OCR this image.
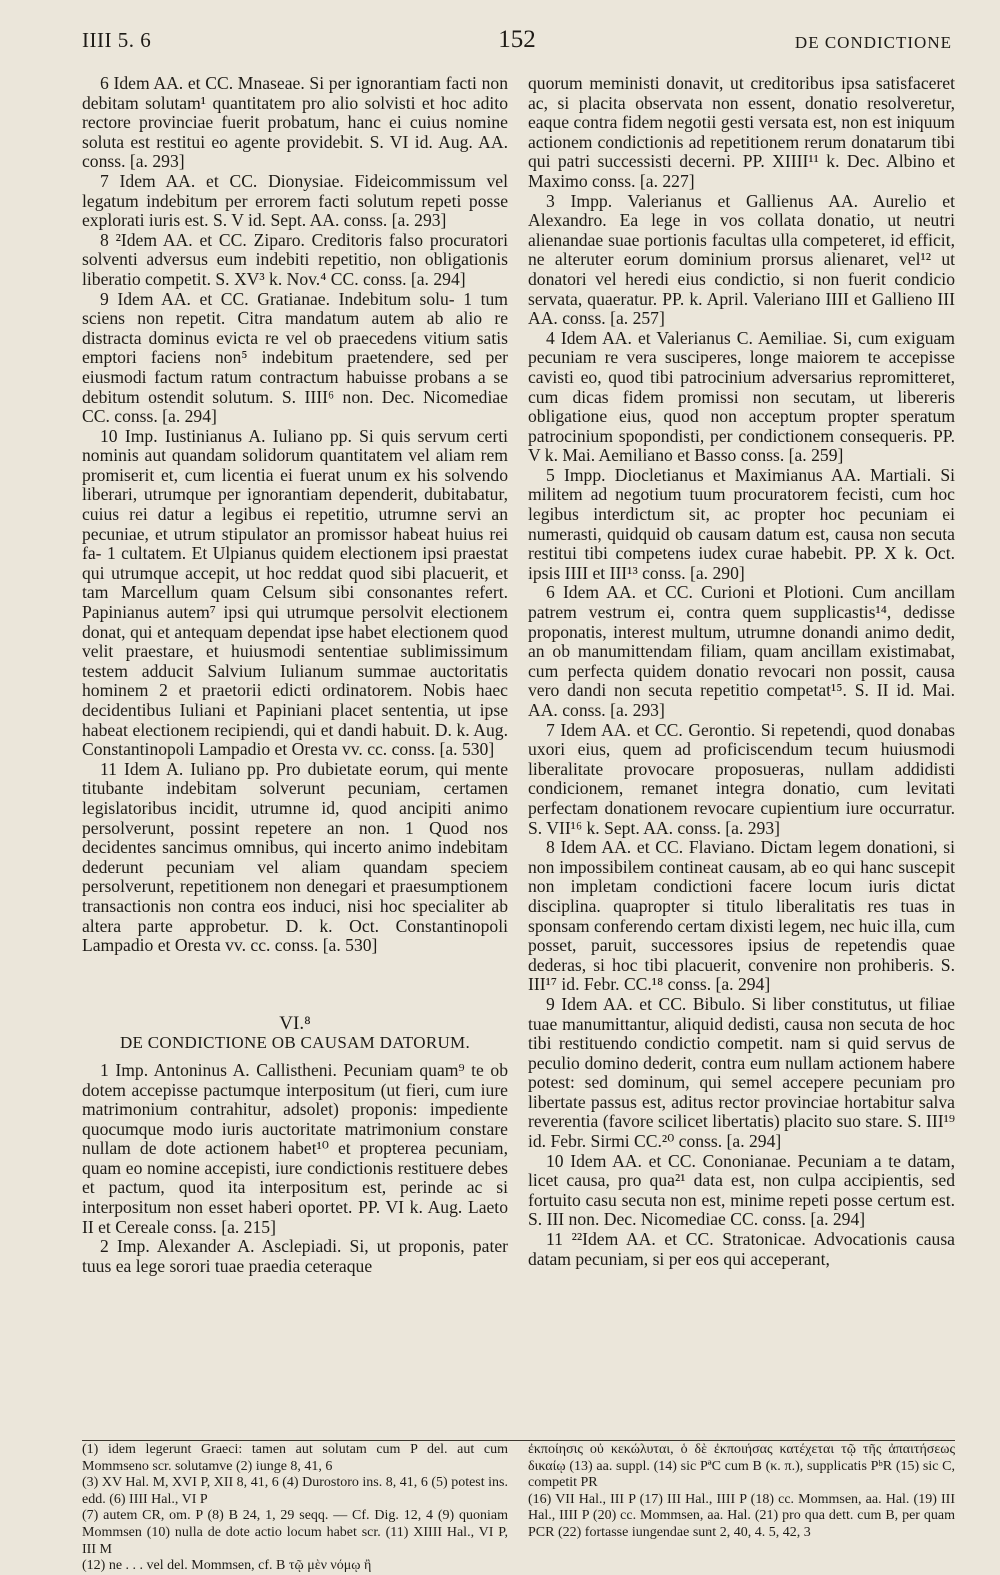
IIII 5. 6	152	DE CONDICTIONE

6 Idem AA. et CC. Mnaseae. Si per ignorantiam facti non debitam solutam¹ quantitatem pro alio solvisti et hoc adito rectore provinciae fuerit probatum, hanc ei cuius nomine soluta est restitui eo agente providebit. S. VI id. Aug. AA. conss. [a. 293]

7 Idem AA. et CC. Dionysiae. Fideicommissum vel legatum indebitum per errorem facti solutum repeti posse explorati iuris est. S. V id. Sept. AA. conss. [a. 293]

8 ²Idem AA. et CC. Ziparo. Creditoris falso procuratori solventi adversus eum indebiti repetitio, non obligationis liberatio competit. S. XV³ k. Nov.⁴ CC. conss. [a. 294]

9 Idem AA. et CC. Gratianae. Indebitum solu- 1 tum sciens non repetit. Citra mandatum autem ab alio re distracta dominus evicta re vel ob praecedens vitium satis emptori faciens non⁵ indebitum praetendere, sed per eiusmodi factum ratum contractum habuisse probans a se debitum ostendit solutum. S. IIII⁶ non. Dec. Nicomediae CC. conss. [a. 294]

10 Imp. Iustinianus A. Iuliano pp. Si quis servum certi nominis aut quandam solidorum quantitatem vel aliam rem promiserit et, cum licentia ei fuerat unum ex his solvendo liberari, utrumque per ignorantiam dependerit, dubitabatur, cuius rei datur a legibus ei repetitio, utrumne servi an pecuniae, et utrum stipulator an promissor habeat huius rei fa- 1 cultatem. Et Ulpianus quidem electionem ipsi praestat qui utrumque accepit, ut hoc reddat quod sibi placuerit, et tam Marcellum quam Celsum sibi consonantes refert. Papinianus autem⁷ ipsi qui utrumque persolvit electionem donat, qui et antequam dependat ipse habet electionem quod velit praestare, et huiusmodi sententiae sublimissimum testem adducit Salvium Iulianum summae auctoritatis hominem 2 et praetorii edicti ordinatorem. Nobis haec decidentibus Iuliani et Papiniani placet sententia, ut ipse habeat electionem recipiendi, qui et dandi habuit. D. k. Aug. Constantinopoli Lampadio et Oresta vv. cc. conss. [a. 530]

11 Idem A. Iuliano pp. Pro dubietate eorum, qui mente titubante indebitam solverunt pecuniam, certamen legislatoribus incidit, utrumne id, quod ancipiti animo persolverunt, possint repetere an non. 1 Quod nos decidentes sancimus omnibus, qui incerto animo indebitam dederunt pecuniam vel aliam quandam speciem persolverunt, repetitionem non denegari et praesumptionem transactionis non contra eos induci, nisi hoc specialiter ab altera parte approbetur. D. k. Oct. Constantinopoli Lampadio et Oresta vv. cc. conss. [a. 530]

VI.⁸

DE CONDICTIONE OB CAUSAM DATORUM.

1 Imp. Antoninus A. Callistheni. Pecuniam quam⁹ te ob dotem accepisse pactumque interpositum (ut fieri, cum iure matrimonium contrahitur, adsolet) proponis: impediente quocumque modo iuris auctoritate matrimonium constare nullam de dote actionem habet¹⁰ et propterea pecuniam, quam eo nomine accepisti, iure condictionis restituere debes et pactum, quod ita interpositum est, perinde ac si interpositum non esset haberi oportet. PP. VI k. Aug. Laeto II et Cereale conss. [a. 215]

2 Imp. Alexander A. Asclepiadi. Si, ut proponis, pater tuus ea lege sorori tuae praedia ceteraque

quorum meministi donavit, ut creditoribus ipsa satisfaceret ac, si placita observata non essent, donatio resolveretur, eaque contra fidem negotii gesti versata est, non est iniquum actionem condictionis ad repetitionem rerum donatarum tibi qui patri successisti decerni. PP. XIIII¹¹ k. Dec. Albino et Maximo conss. [a. 227]

3 Impp. Valerianus et Gallienus AA. Aurelio et Alexandro. Ea lege in vos collata donatio, ut neutri alienandae suae portionis facultas ulla competeret, id efficit, ne alteruter eorum dominium prorsus alienaret, vel¹² ut donatori vel heredi eius condictio, si non fuerit condicio servata, quaeratur. PP. k. April. Valeriano IIII et Gallieno III AA. conss. [a. 257]

4 Idem AA. et Valerianus C. Aemiliae. Si, cum exiguam pecuniam re vera susciperes, longe maiorem te accepisse cavisti eo, quod tibi patrocinium adversarius repromitteret, cum dicas fidem promissi non secutam, ut libereris obligatione eius, quod non acceptum propter speratum patrocinium spopondisti, per condictionem consequeris. PP. V k. Mai. Aemiliano et Basso conss. [a. 259]

5 Impp. Diocletianus et Maximianus AA. Martiali. Si militem ad negotium tuum procuratorem fecisti, cum hoc legibus interdictum sit, ac propter hoc pecuniam ei numerasti, quidquid ob causam datum est, causa non secuta restitui tibi competens iudex curae habebit. PP. X k. Oct. ipsis IIII et III¹³ conss. [a. 290]

6 Idem AA. et CC. Curioni et Plotioni. Cum ancillam patrem vestrum ei, contra quem supplicastis¹⁴, dedisse proponatis, interest multum, utrumne donandi animo dedit, an ob manumittendam filiam, quam ancillam existimabat, cum perfecta quidem donatio revocari non possit, causa vero dandi non secuta repetitio competat¹⁵. S. II id. Mai. AA. conss. [a. 293]

7 Idem AA. et CC. Gerontio. Si repetendi, quod donabas uxori eius, quem ad proficiscendum tecum huiusmodi liberalitate provocare proposueras, nullam addidisti condicionem, remanet integra donatio, cum levitati perfectam donationem revocare cupientium iure occurratur. S. VII¹⁶ k. Sept. AA. conss. [a. 293]

8 Idem AA. et CC. Flaviano. Dictam legem donationi, si non impossibilem contineat causam, ab eo qui hanc suscepit non impletam condictioni facere locum iuris dictat disciplina. quapropter si titulo liberalitatis res tuas in sponsam conferendo certam dixisti legem, nec huic illa, cum posset, paruit, successores ipsius de repetendis quae dederas, si hoc tibi placuerit, convenire non prohiberis. S. III¹⁷ id. Febr. CC.¹⁸ conss. [a. 294]

9 Idem AA. et CC. Bibulo. Si liber constitutus, ut filiae tuae manumittantur, aliquid dedisti, causa non secuta de hoc tibi restituendo condictio competit. nam si quid servus de peculio domino dederit, contra eum nullam actionem habere potest: sed dominum, qui semel accepere pecuniam pro libertate passus est, aditus rector provinciae hortabitur salva reverentia (favore scilicet libertatis) placito suo stare. S. III¹⁹ id. Febr. Sirmi CC.²⁰ conss. [a. 294]

10 Idem AA. et CC. Cononianae. Pecuniam a te datam, licet causa, pro qua²¹ data est, non culpa accipientis, sed fortuito casu secuta non est, minime repeti posse certum est. S. III non. Dec. Nicomediae CC. conss. [a. 294]

11 ²²Idem AA. et CC. Stratonicae. Advocationis causa datam pecuniam, si per eos qui acceperant,

(1) idem legerunt Graeci: tamen aut solutam cum P del. aut cum Mommseno scr. solutamve (2) iunge 8, 41, 6

(3) XV Hal. M, XVI P, XII 8, 41, 6 (4) Durostoro ins. 8, 41, 6 (5) potest ins. edd. (6) IIII Hal., VI P

(7) autem CR, om. P (8) B 24, 1, 29 seqq. — Cf. Dig. 12, 4 (9) quoniam Mommsen (10) nulla de dote actio locum habet scr. (11) XIIII Hal., VI P, III M

(12) ne . . . vel del. Mommsen, cf. B τῷ μὲν νόμῳ ἢ

ἐκποίησις οὐ κεκώλυται, ὁ δὲ ἐκποιήσας κατέχεται τῷ τῆς ἀπαιτήσεως δικαίῳ (13) aa. suppl. (14) sic PªC cum B (κ. π.), supplicatis PᵇR (15) sic C, competit PR

(16) VII Hal., III P (17) III Hal., IIII P (18) cc. Mommsen, aa. Hal. (19) III Hal., IIII P (20) cc. Mommsen, aa. Hal. (21) pro qua dett. cum B, per quam PCR (22) fortasse iungendae sunt 2, 40, 4. 5, 42, 3
